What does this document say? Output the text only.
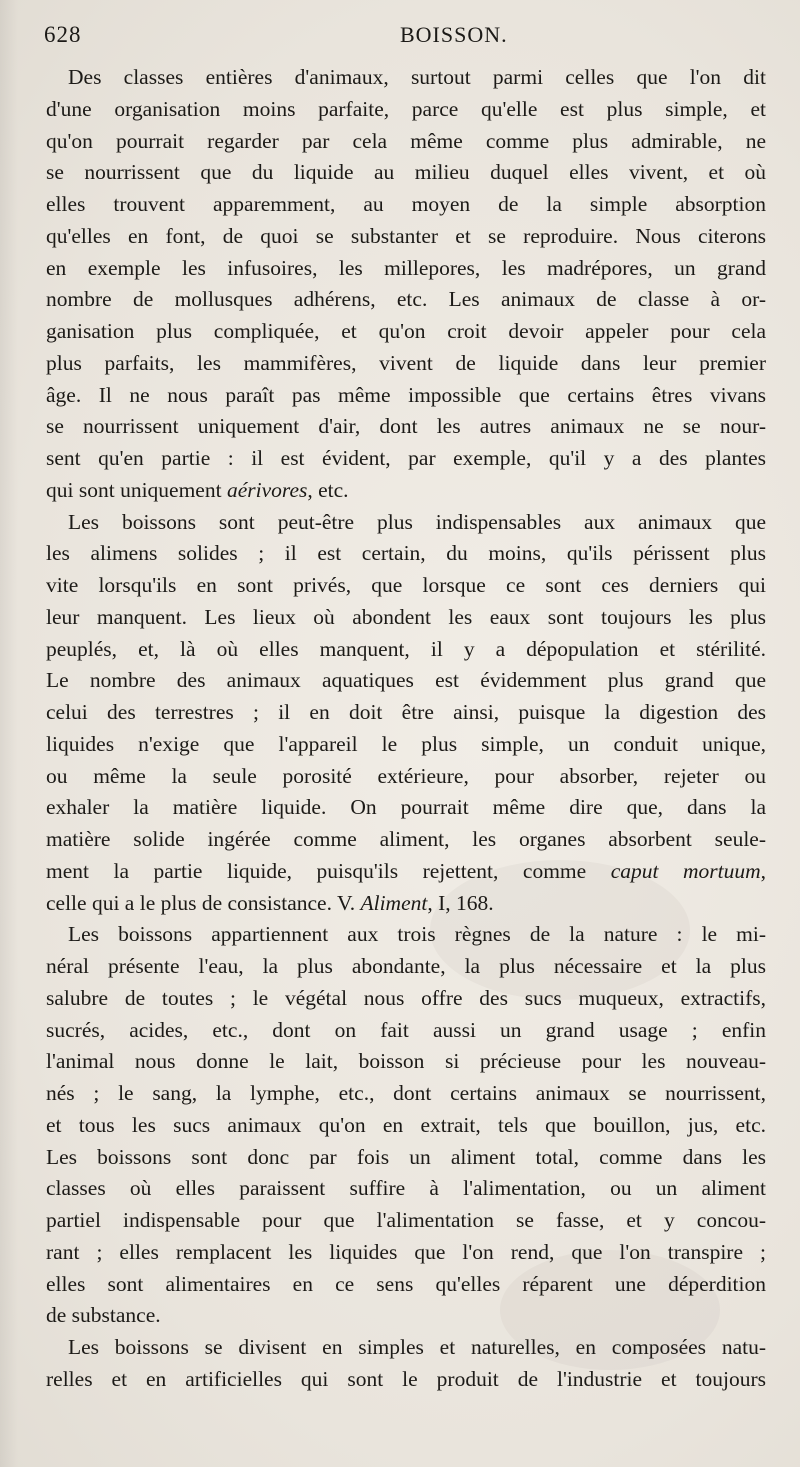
628	BOISSON.
Des classes entières d'animaux, surtout parmi celles que l'on dit
d'une organisation moins parfaite, parce qu'elle est plus simple, et
qu'on pourrait regarder par cela même comme plus admirable, ne
se nourrissent que du liquide au milieu duquel elles vivent, et où
elles trouvent apparemment, au moyen de la simple absorption
qu'elles en font, de quoi se substanter et se reproduire. Nous citerons
en exemple les infusoires, les millepores, les madrépores, un grand
nombre de mollusques adhérens, etc. Les animaux de classe à or-
ganisation plus compliquée, et qu'on croit devoir appeler pour cela
plus parfaits, les mammifères, vivent de liquide dans leur premier
âge. Il ne nous paraît pas même impossible que certains êtres vivans
se nourrissent uniquement d'air, dont les autres animaux ne se nour-
sent qu'en partie : il est évident, par exemple, qu'il y a des plantes
qui sont uniquement aérivores, etc.
Les boissons sont peut-être plus indispensables aux animaux que
les alimens solides ; il est certain, du moins, qu'ils périssent plus
vite lorsqu'ils en sont privés, que lorsque ce sont ces derniers qui
leur manquent. Les lieux où abondent les eaux sont toujours les plus
peuplés, et, là où elles manquent, il y a dépopulation et stérilité.
Le nombre des animaux aquatiques est évidemment plus grand que
celui des terrestres ; il en doit être ainsi, puisque la digestion des
liquides n'exige que l'appareil le plus simple, un conduit unique,
ou même la seule porosité extérieure, pour absorber, rejeter ou
exhaler la matière liquide. On pourrait même dire que, dans la
matière solide ingérée comme aliment, les organes absorbent seule-
ment la partie liquide, puisqu'ils rejettent, comme caput mortuum,
celle qui a le plus de consistance. V. Aliment, I, 168.
Les boissons appartiennent aux trois règnes de la nature : le mi-
néral présente l'eau, la plus abondante, la plus nécessaire et la plus
salubre de toutes ; le végétal nous offre des sucs muqueux, extractifs,
sucrés, acides, etc., dont on fait aussi un grand usage ; enfin
l'animal nous donne le lait, boisson si précieuse pour les nouveau-
nés ; le sang, la lymphe, etc., dont certains animaux se nourrissent,
et tous les sucs animaux qu'on en extrait, tels que bouillon, jus, etc.
Les boissons sont donc par fois un aliment total, comme dans les
classes où elles paraissent suffire à l'alimentation, ou un aliment
partiel indispensable pour que l'alimentation se fasse, et y concou-
rant ; elles remplacent les liquides que l'on rend, que l'on transpire ;
elles sont alimentaires en ce sens qu'elles réparent une déperdition
de substance.
Les boissons se divisent en simples et naturelles, en composées natu-
relles et en artificielles qui sont le produit de l'industrie et toujours
